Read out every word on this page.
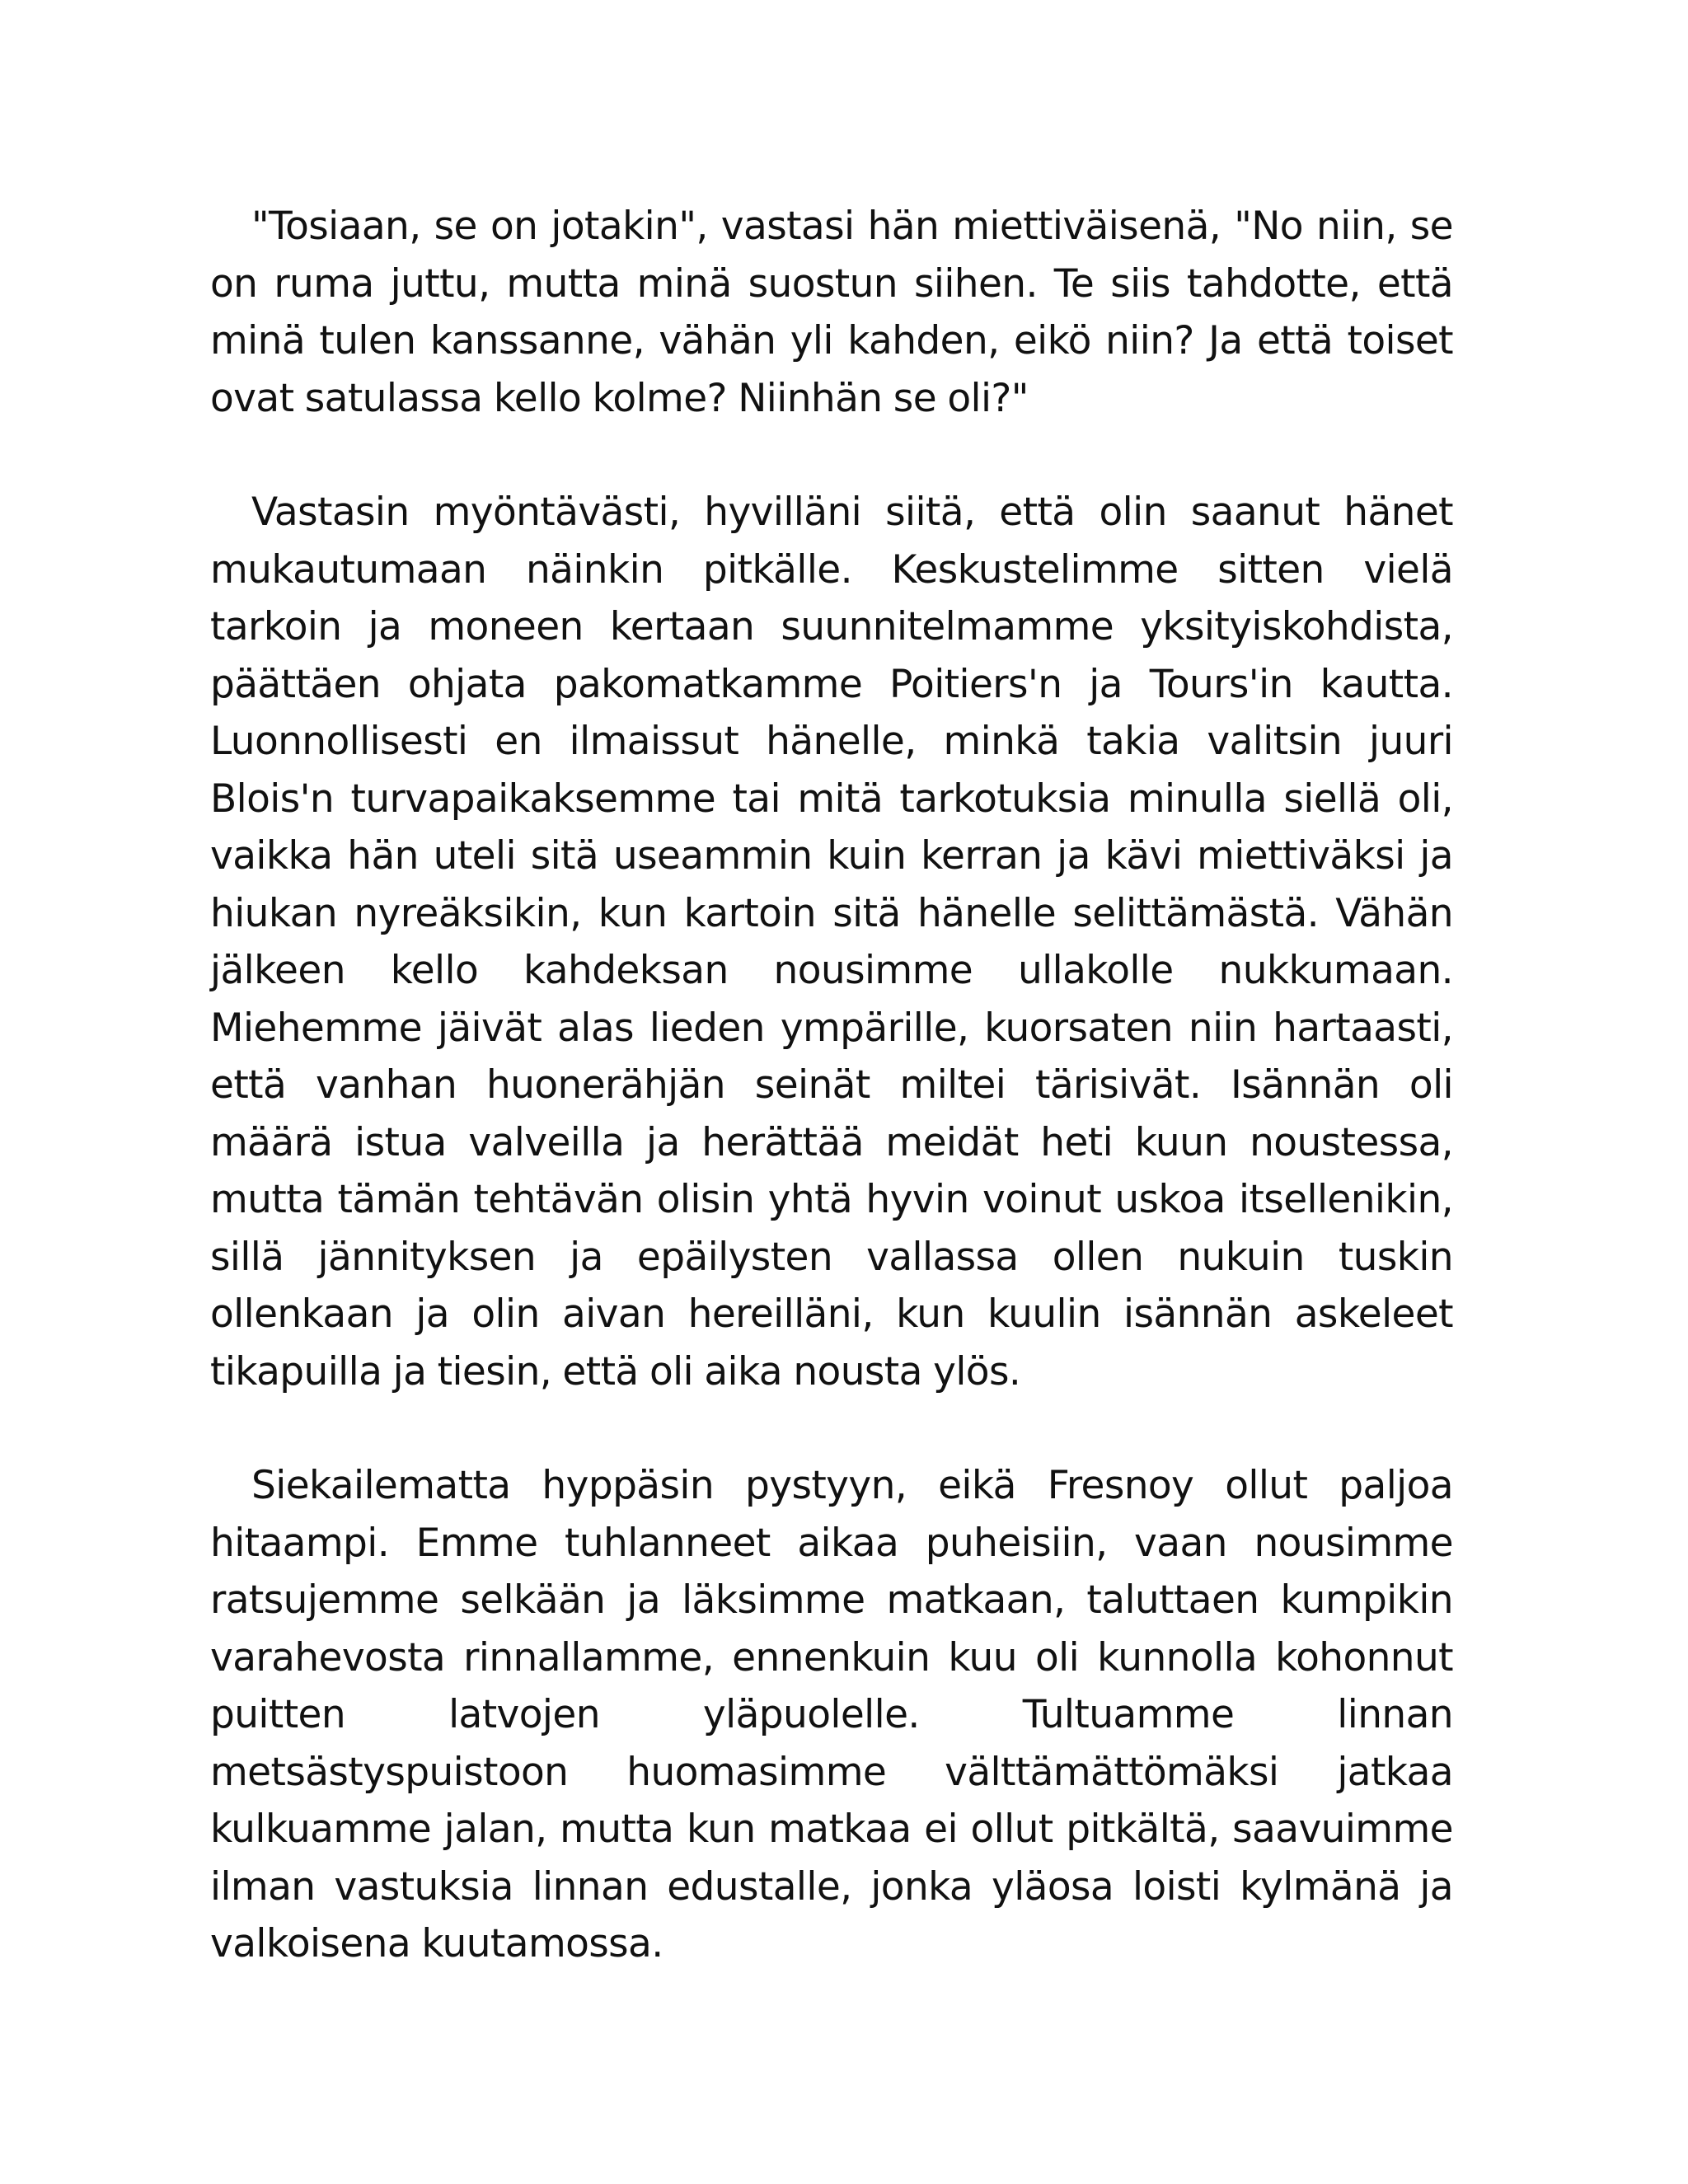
"Tosiaan, se on jotakin", vastasi hän miettiväisenä, "No niin, se on ruma juttu, mutta minä suostun siihen. Te siis tahdotte, että minä tulen kanssanne, vähän yli kahden, eikö niin? Ja että toiset ovat satulassa kello kolme? Niinhän se oli?"

Vastasin myöntävästi, hyvilläni siitä, että olin saanut hänet mukautumaan näinkin pitkälle. Keskustelimme sitten vielä tarkoin ja moneen kertaan suunnitelmamme yksityiskohdista, päättäen ohjata pakomatkamme Poitiers'n ja Tours'in kautta. Luonnollisesti en ilmaissut hänelle, minkä takia valitsin juuri Blois'n turvapaikaksemme tai mitä tarkotuksia minulla siellä oli, vaikka hän uteli sitä useammin kuin kerran ja kävi miettiväksi ja hiukan nyreäksikin, kun kartoin sitä hänelle selittämästä. Vähän jälkeen kello kahdeksan nousimme ullakolle nukkumaan. Miehemme jäivät alas lieden ympärille, kuorsaten niin hartaasti, että vanhan huonerähjän seinät miltei tärisivät. Isännän oli määrä istua valveilla ja herättää meidät heti kuun noustessa, mutta tämän tehtävän olisin yhtä hyvin voinut uskoa itsellenikin, sillä jännityksen ja epäilysten vallassa ollen nukuin tuskin ollenkaan ja olin aivan hereilläni, kun kuulin isännän askeleet tikapuilla ja tiesin, että oli aika nousta ylös.

Siekailematta hyppäsin pystyyn, eikä Fresnoy ollut paljoa hitaampi. Emme tuhlanneet aikaa puheisiin, vaan nousimme ratsujemme selkään ja läksimme matkaan, taluttaen kumpikin varahevosta rinnallamme, ennenkuin kuu oli kunnolla kohonnut puitten latvojen yläpuolelle. Tultuamme linnan metsästyspuistoon huomasimme välttämättömäksi jatkaa kulkuamme jalan, mutta kun matkaa ei ollut pitkältä, saavuimme ilman vastuksia linnan edustalle, jonka yläosa loisti kylmänä ja valkoisena kuutamossa.
